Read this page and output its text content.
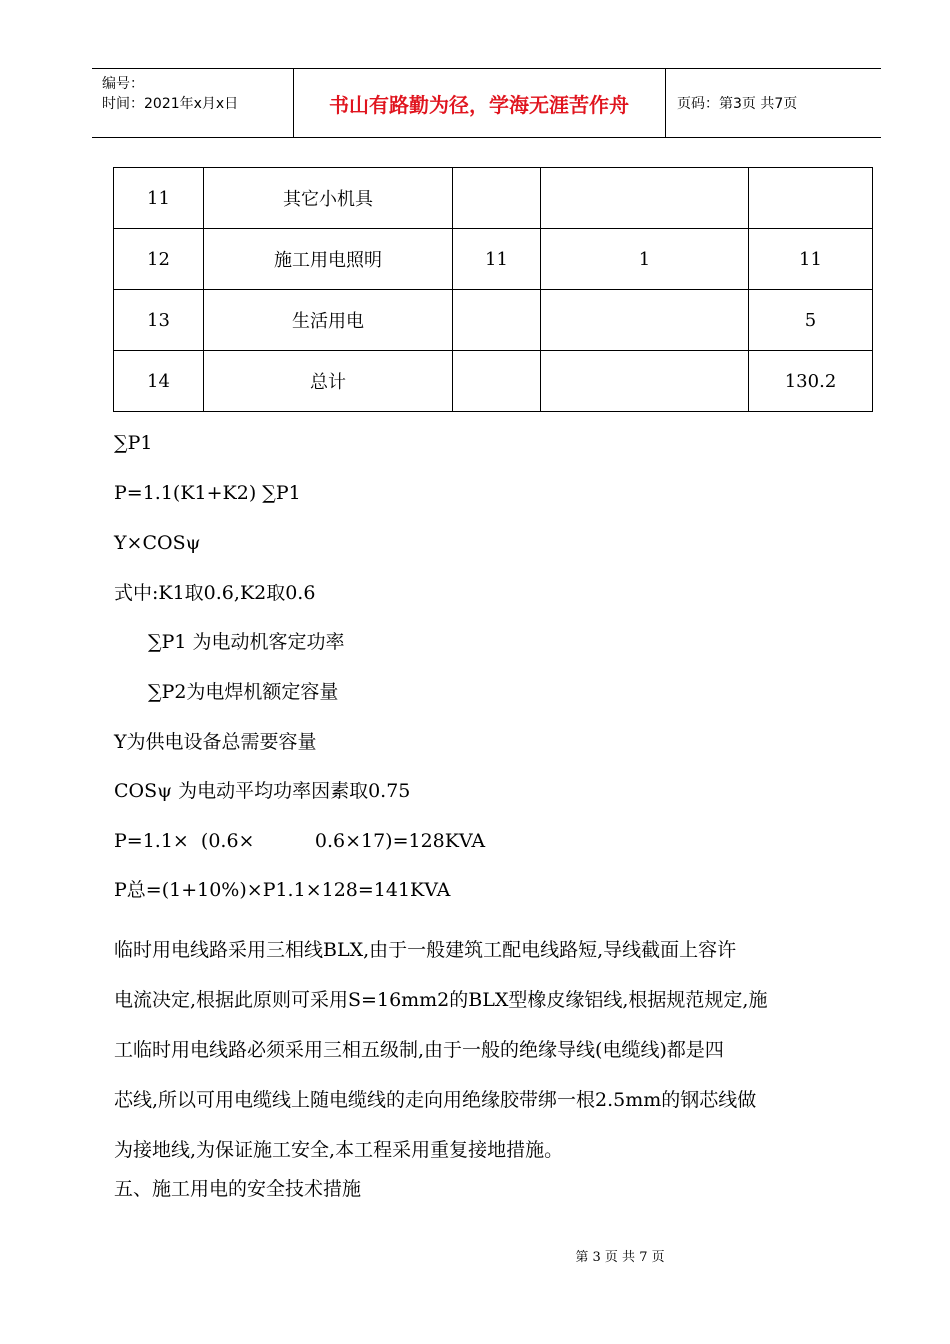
编号：
时间：2021年x月x日	书山有路勤为径，学海无涯苦作舟	页码：第3页 共7页
11	其它小机具			
12	施工用电照明	11	1	11
13	生活用电			5
14	总计			130.2
∑P1
P=1.1(K1+K2) ∑P1
Y×COSψ
式中:K1取0.6,K2取0.6
∑P1 为电动机客定功率
∑P2为电焊机额定容量
Y为供电设备总需要容量
COSψ 为电动平均功率因素取0.75
P=1.1×  (0.6×          0.6×17)=128KVA
P总=(1+10%)×P1.1×128=141KVA
临时用电线路采用三相线BLX,由于一般建筑工配电线路短,导线截面上容许
电流决定,根据此原则可采用S=16mm2的BLX型橡皮缘铝线,根据规范规定,施
工临时用电线路必须采用三相五级制,由于一般的绝缘导线(电缆线)都是四
芯线,所以可用电缆线上随电缆线的走向用绝缘胶带绑一根2.5mm的钢芯线做
为接地线,为保证施工安全,本工程采用重复接地措施。
五、施工用电的安全技术措施
第 3 页 共 7 页
